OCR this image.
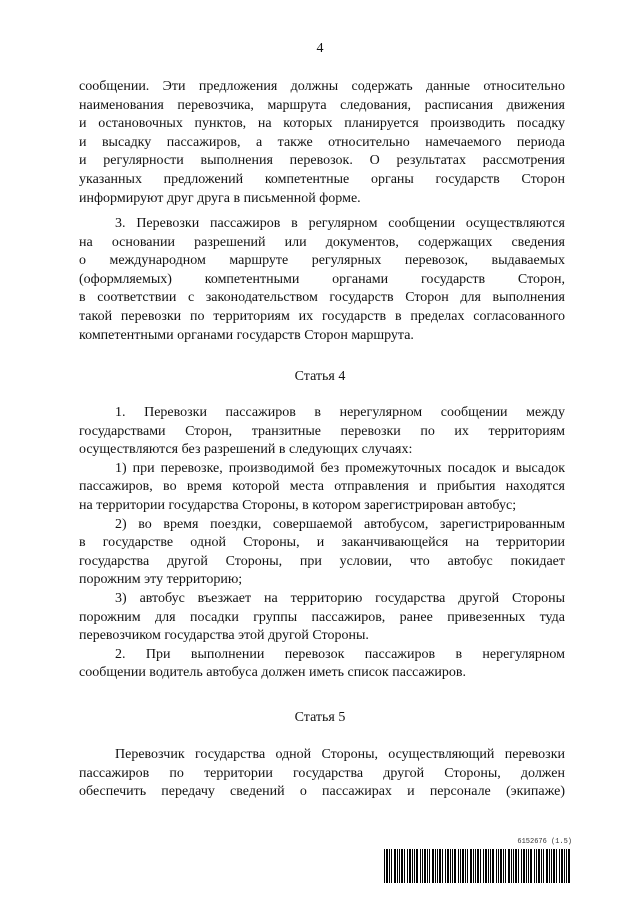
4

сообщении. Эти предложения должны содержать данные относительно

наименования перевозчика, маршрута следования, расписания движения

и остановочных пунктов, на которых планируется производить посадку

и высадку пассажиров, а также относительно намечаемого периода

и регулярности выполнения перевозок. О результатах рассмотрения

указанных предложений компетентные органы государств Сторон

информируют друг друга в письменной форме.

3. Перевозки пассажиров в регулярном сообщении осуществляются

на основании разрешений или документов, содержащих сведения

о международном маршруте регулярных перевозок, выдаваемых

(оформляемых) компетентными органами государств Сторон,

в соответствии с законодательством государств Сторон для выполнения

такой перевозки по территориям их государств в пределах согласованного

компетентными органами государств Сторон маршрута.

Статья 4

1. Перевозки пассажиров в нерегулярном сообщении между

государствами Сторон, транзитные перевозки по их территориям

осуществляются без разрешений в следующих случаях:

1) при перевозке, производимой без промежуточных посадок и высадок

пассажиров, во время которой места отправления и прибытия находятся

на территории государства Стороны, в котором зарегистрирован автобус;

2) во время поездки, совершаемой автобусом, зарегистрированным

в государстве одной Стороны, и заканчивающейся на территории

государства другой Стороны, при условии, что автобус покидает

порожним эту территорию;

3) автобус въезжает на территорию государства другой Стороны

порожним для посадки группы пассажиров, ранее привезенных туда

перевозчиком государства этой другой Стороны.

2. При выполнении перевозок пассажиров в нерегулярном

сообщении водитель автобуса должен иметь список пассажиров.

Статья 5

Перевозчик государства одной Стороны, осуществляющий перевозки

пассажиров по территории государства другой Стороны, должен

обеспечить передачу сведений о пассажирах и персонале (экипаже)

6152676 (1.5)
